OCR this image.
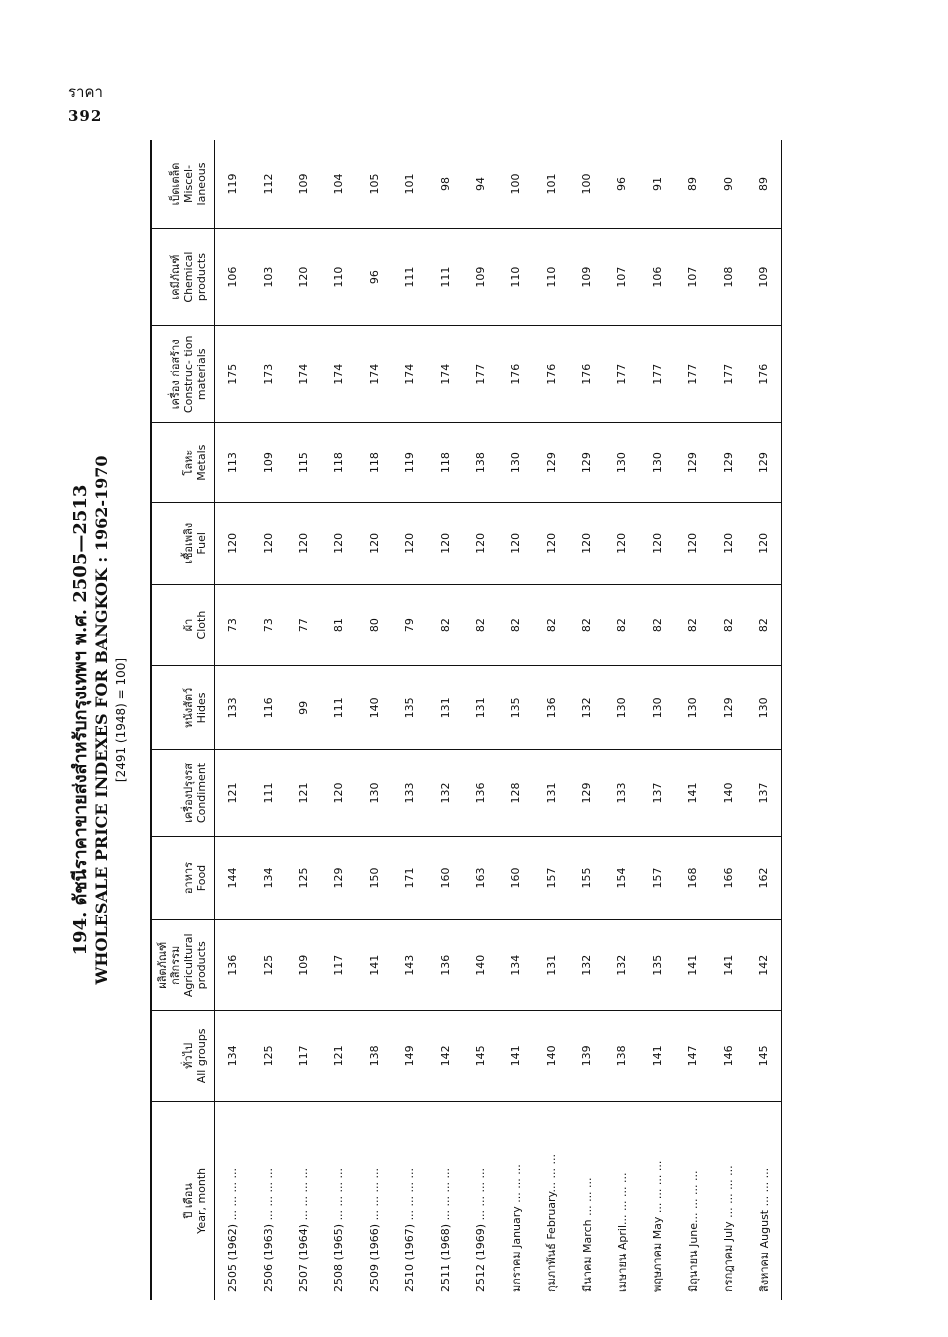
ราคา
392
194. ดัชนีราคาขายส่งสำหรับกรุงเทพฯ พ.ศ. 2505—2513 WHOLESALE PRICE INDEXES FOR BANGKOK : 1962-1970 [2491 (1948) = 100]
ปี เดือน Year, month	ทั่วไป All groups	ผลิตภัณฑ์ กสิกรรม Agricultural products	อาหาร Food	เครื่องปรุงรส Condiment	หนังสัตว์ Hides	ผ้า Cloth	เชื้อเพลิง Fuel	โลหะ Metals	เครื่อง ก่อสร้าง Construc- tion materials	เคมีภัณฑ์ Chemical products	เบ็ดเตล็ด Miscel- laneous

2505 (1962) ... ... ... ...	134	136	144	121	133	73	120	113	175	106	119
2506 (1963) ... ... ... ...	125	125	134	111	116	73	120	109	173	103	112
2507 (1964) ... ... ... ...	117	109	125	121	99	77	120	115	174	120	109
2508 (1965) ... ... ... ...	121	117	129	120	111	81	120	118	174	110	104
2509 (1966) ... ... ... ...	138	141	150	130	140	80	120	118	174	96	105
2510 (1967) ... ... ... ...	149	143	171	133	135	79	120	119	174	111	101
2511 (1968) ... ... ... ...	142	136	160	132	131	82	120	118	174	111	98
2512 (1969) ... ... ... ...	145	140	163	136	131	82	120	138	177	109	94
มกราคม January ... ... ...	141	134	160	128	135	82	120	130	176	110	100
กุมภาพันธ์ February... ... ...	140	131	157	131	136	82	120	129	176	110	101
มีนาคม March ... ... ...	139	132	155	129	132	82	120	129	176	109	100
เมษายน April... ... ... ...	138	132	154	133	130	82	120	130	177	107	96
พฤษภาคม May ... ... ... ...	141	135	157	137	130	82	120	130	177	106	91
มิถุนายน June... ... ... ...	147	141	168	141	130	82	120	129	177	107	89
กรกฎาคม July ... ... ... ...	146	141	166	140	129	82	120	129	177	108	90
สิงหาคม August ... ... ...	145	142	162	137	130	82	120	129	176	109	89
